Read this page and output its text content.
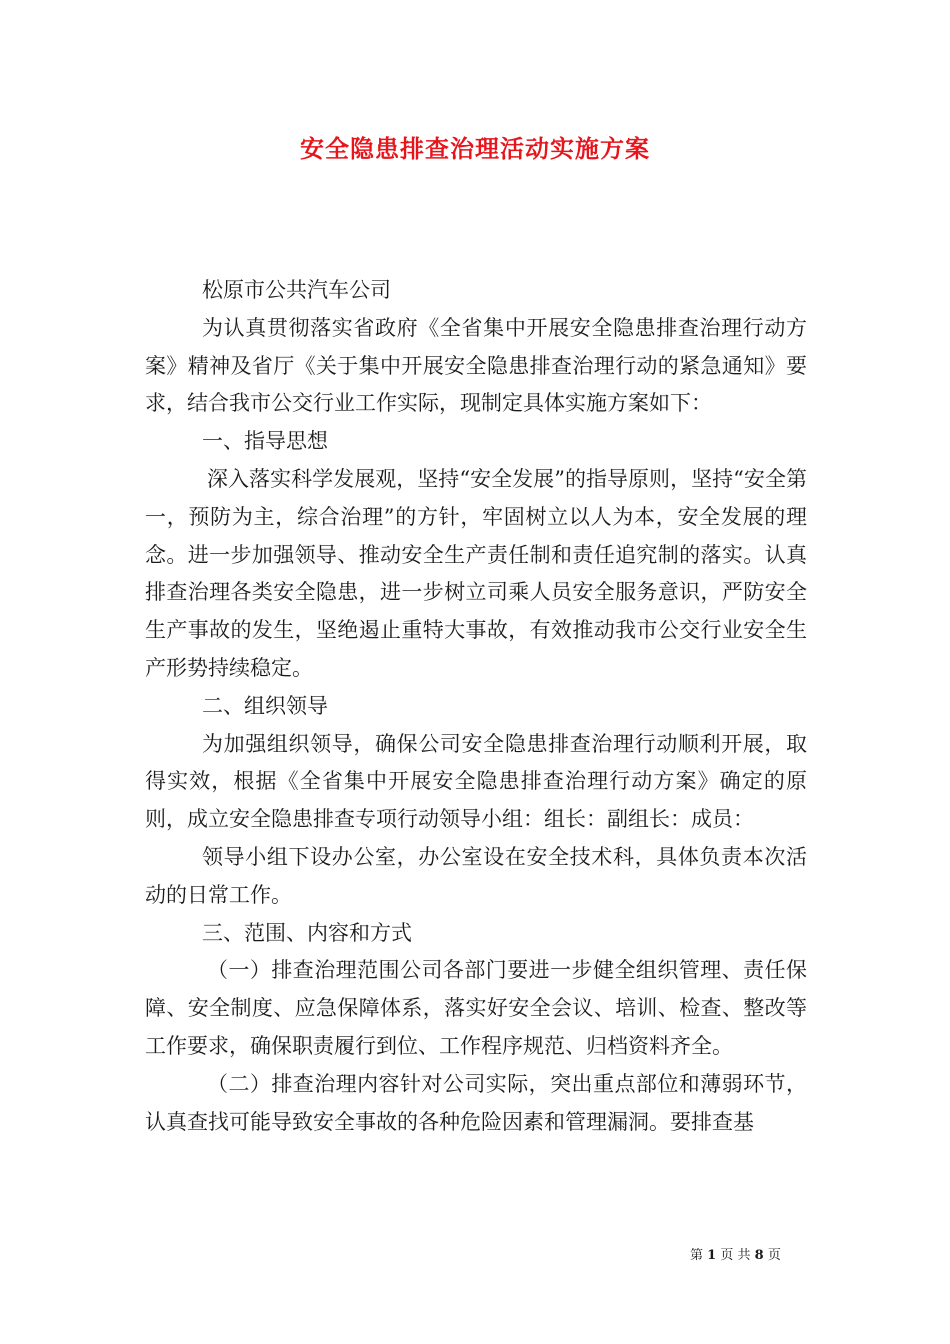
安全隐患排查治理活动实施方案

松原市公共汽车公司

为认真贯彻落实省政府《全省集中开展安全隐患排查治理行动方案》精神及省厅《关于集中开展安全隐患排查治理行动的紧急通知》要求，结合我市公交行业工作实际，现制定具体实施方案如下：

一、指导思想

深入落实科学发展观，坚持“安全发展”的指导原则，坚持“安全第一，预防为主，综合治理”的方针，牢固树立以人为本，安全发展的理念。进一步加强领导、推动安全生产责任制和责任追究制的落实。认真排查治理各类安全隐患，进一步树立司乘人员安全服务意识，严防安全生产事故的发生，坚绝遏止重特大事故，有效推动我市公交行业安全生产形势持续稳定。

二、组织领导

为加强组织领导，确保公司安全隐患排查治理行动顺利开展，取得实效，根据《全省集中开展安全隐患排查治理行动方案》确定的原则，成立安全隐患排查专项行动领导小组：组长：副组长：成员：

领导小组下设办公室，办公室设在安全技术科，具体负责本次活动的日常工作。

三、范围、内容和方式

（一）排查治理范围公司各部门要进一步健全组织管理、责任保障、安全制度、应急保障体系，落实好安全会议、培训、检查、整改等工作要求，确保职责履行到位、工作程序规范、归档资料齐全。

（二）排查治理内容针对公司实际，突出重点部位和薄弱环节，认真查找可能导致安全事故的各种危险因素和管理漏洞。要排查基

第 1 页 共 8 页
